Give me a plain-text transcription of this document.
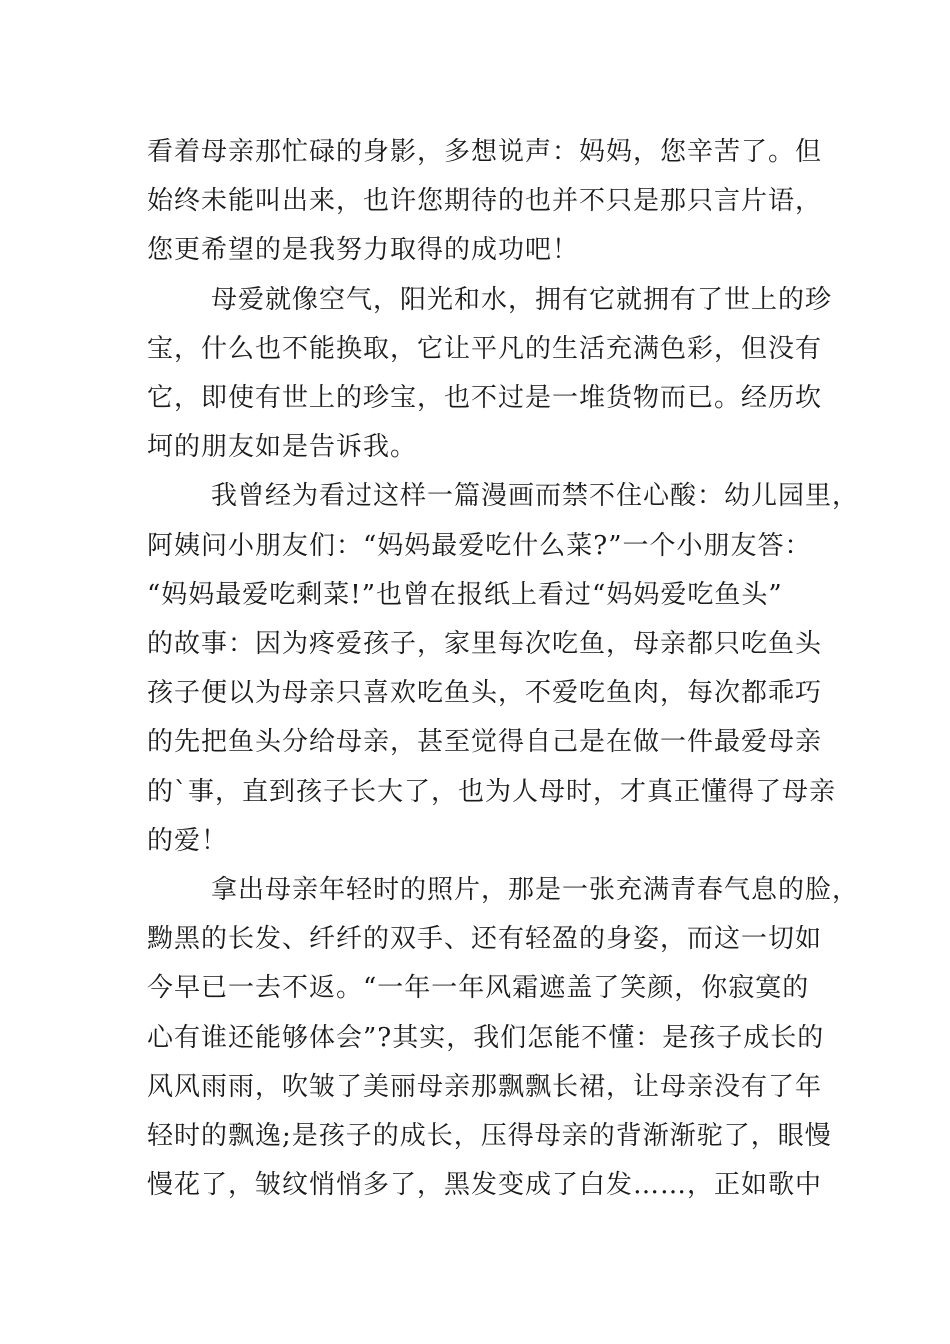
看着母亲那忙碌的身影，多想说声：妈妈，您辛苦了。但
始终未能叫出来，也许您期待的也并不只是那只言片语，
您更希望的是我努力取得的成功吧！
母爱就像空气，阳光和水，拥有它就拥有了世上的珍
宝，什么也不能换取，它让平凡的生活充满色彩，但没有
它，即使有世上的珍宝，也不过是一堆货物而已。经历坎
坷的朋友如是告诉我。
我曾经为看过这样一篇漫画而禁不住心酸：幼儿园里，
阿姨问小朋友们：“妈妈最爱吃什么菜?”一个小朋友答：
“妈妈最爱吃剩菜!”也曾在报纸上看过“妈妈爱吃鱼头”
的故事：因为疼爱孩子，家里每次吃鱼，母亲都只吃鱼头
孩子便以为母亲只喜欢吃鱼头，不爱吃鱼肉，每次都乖巧
的先把鱼头分给母亲，甚至觉得自己是在做一件最爱母亲
的`事，直到孩子长大了，也为人母时，才真正懂得了母亲
的爱！
拿出母亲年轻时的照片，那是一张充满青春气息的脸，
黝黑的长发、纤纤的双手、还有轻盈的身姿，而这一切如
今早已一去不返。“一年一年风霜遮盖了笑颜，你寂寞的
心有谁还能够体会”?其实，我们怎能不懂：是孩子成长的
风风雨雨，吹皱了美丽母亲那飘飘长裙，让母亲没有了年
轻时的飘逸;是孩子的成长，压得母亲的背渐渐驼了，眼慢
慢花了，皱纹悄悄多了，黑发变成了白发……，正如歌中
